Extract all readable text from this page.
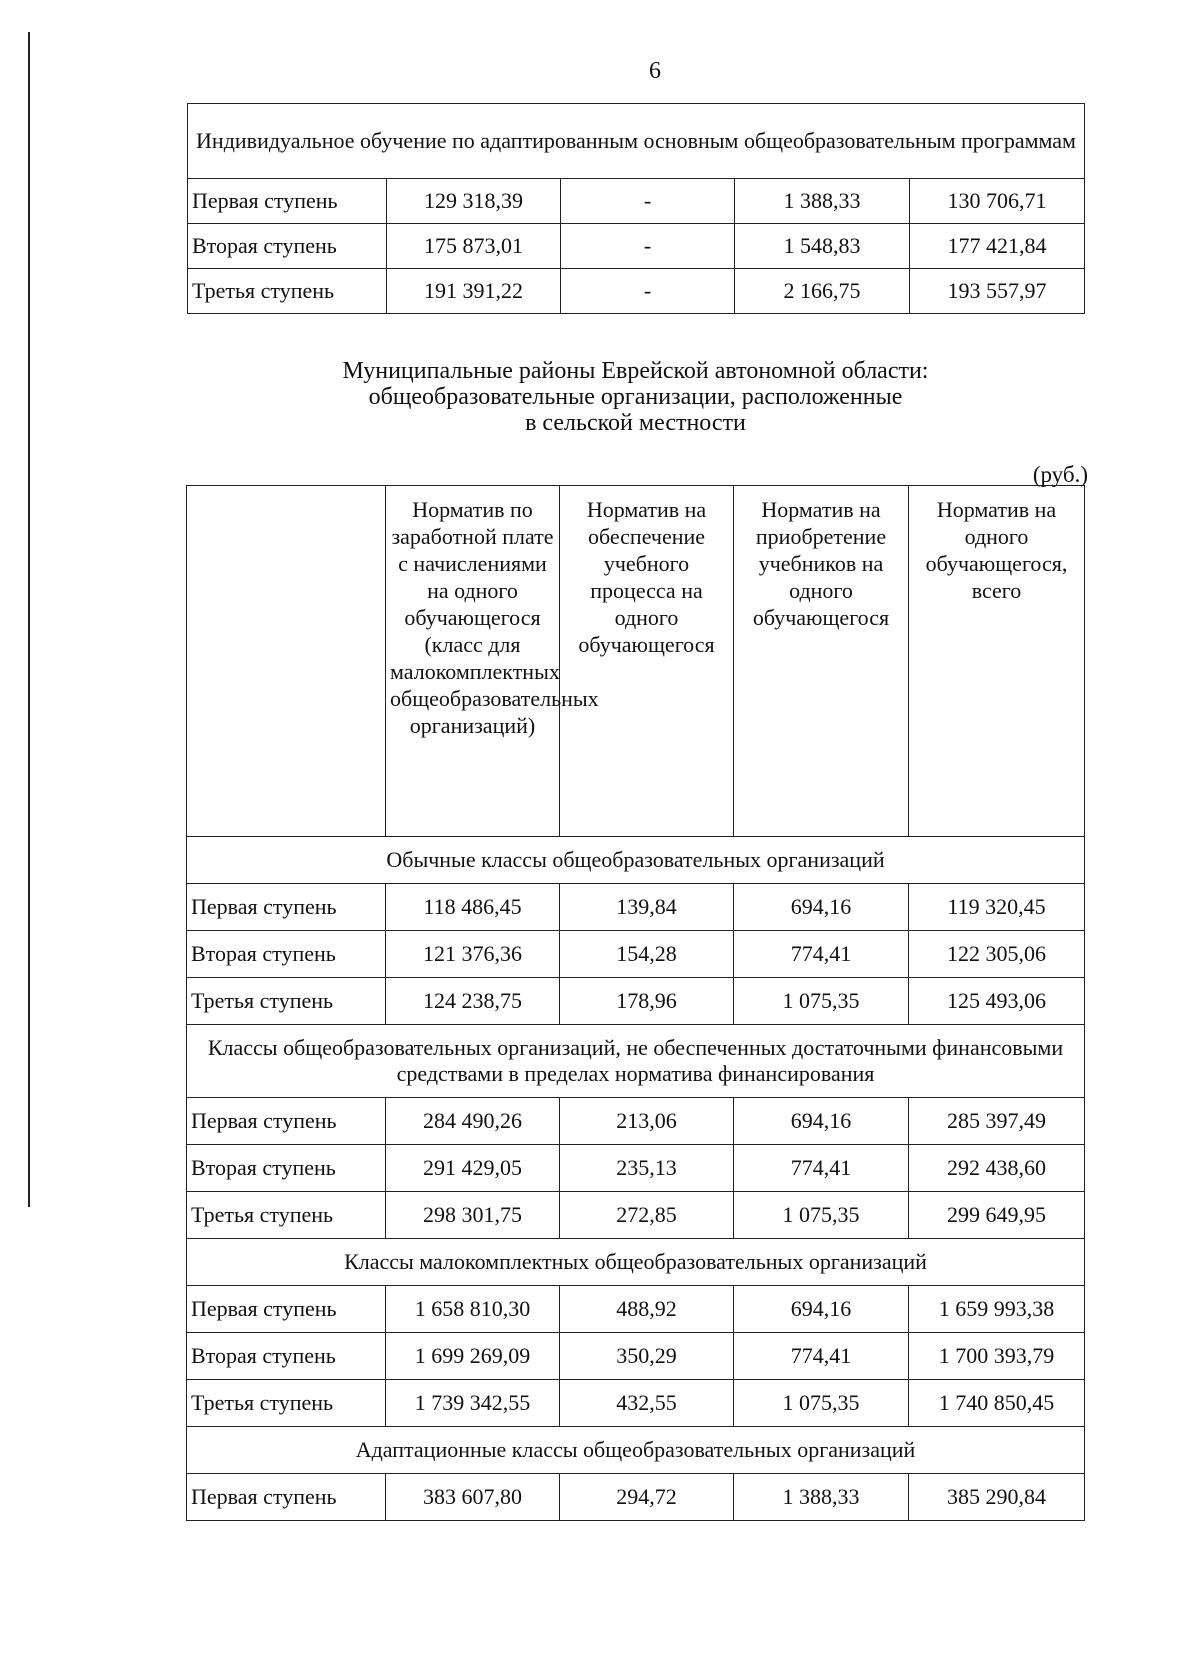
6
Индивидуальное обучение по адаптированным основным общеобразовательным программам				
Первая ступень	129 318,39	-	1 388,33	130 706,71
Вторая ступень	175 873,01	-	1 548,83	177 421,84
Третья ступень	191 391,22	-	2 166,75	193 557,97
Муниципальные районы Еврейской автономной области:
общеобразовательные организации, расположенные
в сельской местности
(руб.)
	Норматив по заработной плате с начислениями на одного обучающегося (класс для малокомплектных общеобразовательных организаций)	Норматив на обеспечение учебного процесса на одного обучающегося	Норматив на приобретение учебников на одного обучающегося	Норматив на одного обучающегося, всего
Обычные классы общеобразовательных организаций				
Первая ступень	118 486,45	139,84	694,16	119 320,45
Вторая ступень	121 376,36	154,28	774,41	122 305,06
Третья ступень	124 238,75	178,96	1 075,35	125 493,06
Классы общеобразовательных организаций, не обеспеченных достаточными финансовыми средствами в пределах норматива финансирования				
Первая ступень	284 490,26	213,06	694,16	285 397,49
Вторая ступень	291 429,05	235,13	774,41	292 438,60
Третья ступень	298 301,75	272,85	1 075,35	299 649,95
Классы малокомплектных общеобразовательных организаций				
Первая ступень	1 658 810,30	488,92	694,16	1 659 993,38
Вторая ступень	1 699 269,09	350,29	774,41	1 700 393,79
Третья ступень	1 739 342,55	432,55	1 075,35	1 740 850,45
Адаптационные классы общеобразовательных организаций				
Первая ступень	383 607,80	294,72	1 388,33	385 290,84
